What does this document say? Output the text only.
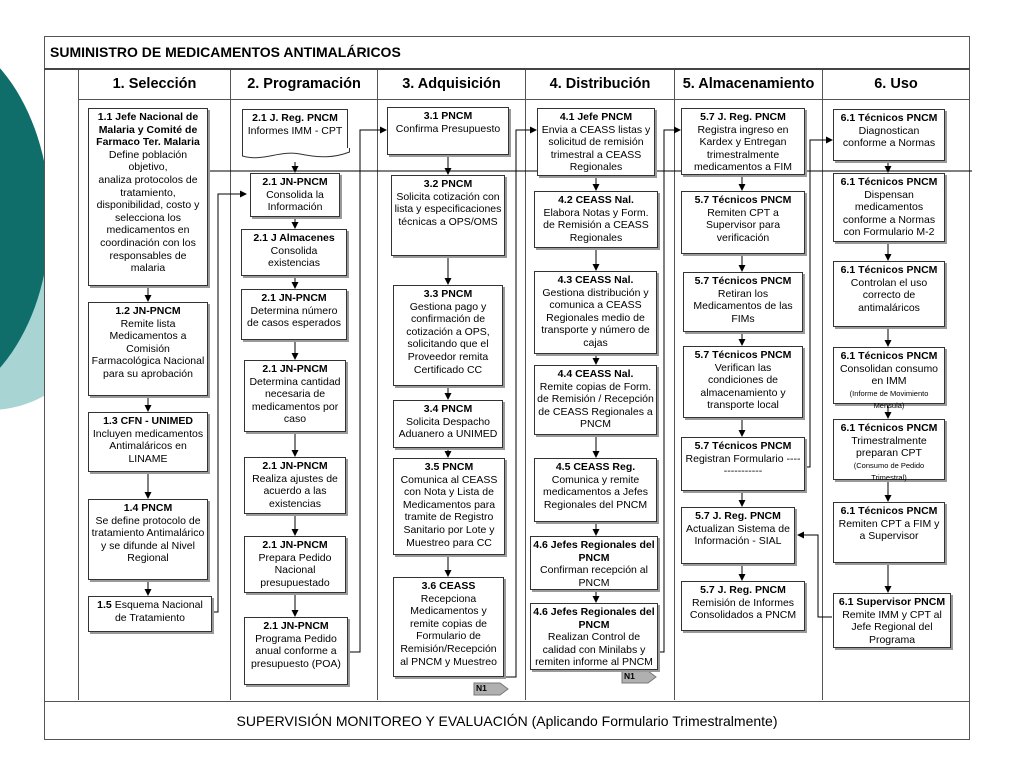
SUMINISTRO DE MEDICAMENTOS ANTIMALÁRICOS
1. Selección	2. Programación	3. Adquisición	4. Distribución	5. Almacenamiento	6. Uso
N1
N1
1.1 Jefe Nacional de Malaria y Comité de Farmaco Ter. Malaria
Define población objetivo,
analiza protocolos de tratamiento, disponibilidad, costo y selecciona los medicamentos en coordinación con los responsables de malaria
1.2 JN-PNCM
Remite lista Medicamentos a Comisión Farmacológica Nacional para su aprobación
1.3 CFN - UNIMED
Incluyen medicamentos Antimaláricos en LINAME
1.4 PNCM
Se define protocolo de tratamiento Antimalárico y se difunde al Nivel Regional
1.5 Esquema Nacional de Tratamiento
2.1 J. Reg. PNCM
Informes IMM - CPT
2.1 JN-PNCM
Consolida la Información
2.1 J Almacenes
Consolida existencias
2.1 JN-PNCM
Determina número de casos esperados
2.1 JN-PNCM
Determina cantidad necesaria de medicamentos por caso
2.1 JN-PNCM
Realiza ajustes de acuerdo a las existencias
2.1 JN-PNCM
Prepara Pedido Nacional presupuestado
2.1 JN-PNCM
Programa Pedido anual conforme a presupuesto (POA)
3.1 PNCM
Confirma Presupuesto
3.2 PNCM
Solicita cotización con lista y especificaciones técnicas a OPS/OMS
3.3 PNCM
Gestiona pago y confirmación de cotización a OPS, solicitando que el Proveedor remita Certificado CC
3.4 PNCM
Solicita Despacho Aduanero a UNIMED
3.5 PNCM
Comunica al CEASS con Nota y Lista de Medicamentos para tramite de Registro Sanitario por Lote y Muestreo para CC
3.6 CEASS
Recepciona Medicamentos y remite copias de Formulario de Remisión/Recepción al PNCM y Muestreo
4.1 Jefe PNCM
Envia a CEASS listas y solicitud de remisión trimestral a CEASS Regionales
4.2 CEASS Nal.
Elabora Notas y Form. de Remisión a CEASS Regionales
4.3 CEASS Nal.
Gestiona distribución y comunica a CEASS Regionales medio de transporte y número de cajas
4.4 CEASS Nal.
Remite copias de Form. de Remisión / Recepción de CEASS Regionales a PNCM
4.5 CEASS Reg.
Comunica y remite medicamentos a Jefes Regionales del PNCM
4.6 Jefes Regionales del PNCM
Confirman recepción al PNCM
4.6 Jefes Regionales del PNCM
Realizan Control de calidad con Minilabs y remiten informe al PNCM
5.7 J. Reg. PNCM
Registra ingreso en Kardex y Entregan trimestralmente medicamentos a FIM
5.7 Técnicos PNCM
Remiten CPT a Supervisor para verificación
5.7 Técnicos PNCM
Retiran los Medicamentos de las FIMs
5.7 Técnicos PNCM
Verifican las condiciones de almacenamiento y transporte local
5.7 Técnicos PNCM
Registran Formulario ---------------
5.7 J. Reg. PNCM
Actualizan Sistema de Información - SIAL
5.7 J. Reg. PNCM
Remisión de Informes Consolidados a PNCM
6.1 Técnicos PNCM
Diagnostican conforme a Normas
6.1 Técnicos PNCM
Dispensan medicamentos conforme a Normas con Formulario M-2
6.1 Técnicos PNCM
Controlan el uso correcto de antimaláricos
6.1 Técnicos PNCM
Consolidan consumo en IMM
(Informe de Movimiento Mensula)
6.1 Técnicos PNCM
Trimestralmente preparan CPT
(Consumo de Pedido Trimestral)
6.1 Técnicos PNCM
Remiten CPT a FIM y a Supervisor
6.1 Supervisor PNCM
Remite IMM y CPT al Jefe Regional del Programa
SUPERVISIÓN MONITOREO Y EVALUACIÓN (Aplicando Formulario Trimestralmente)
